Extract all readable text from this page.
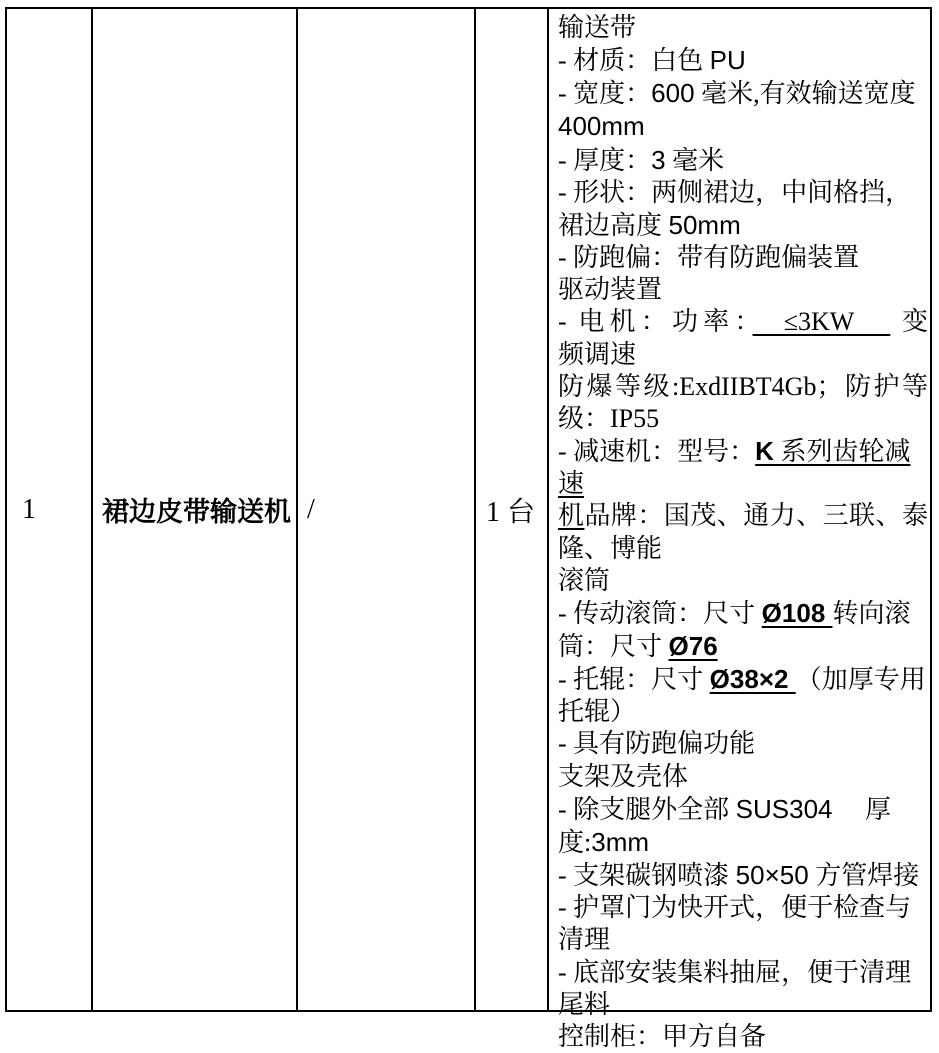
1 裙边皮带输送机 /	1 台
输送带
- 材质：白色 PU
- 宽度：600 毫米,有效输送宽度
400mm
- 厚度：3 毫米
- 形状：两侧裙边，中间格挡，
裙边高度 50mm
- 防跑偏：带有防跑偏装置
驱动装置
- 电机：功率：　≤3KW　 变
频调速
防爆等级:ExdIIBT4Gb；防护等
级：IP55
- 减速机：型号：K 系列齿轮减速
机品牌：国茂、通力、三联、泰
隆、博能
滚筒
- 传动滚筒：尺寸 Ø108 转向滚
筒：尺寸 Ø76
- 托辊：尺寸 Ø38×2 （加厚专用
托辊）
- 具有防跑偏功能
支架及壳体
- 除支腿外全部 SUS304　 厚
度:3mm
- 支架碳钢喷漆 50×50 方管焊接
- 护罩门为快开式，便于检查与
清理
- 底部安装集料抽屉，便于清理
尾料
控制柜：甲方自备
